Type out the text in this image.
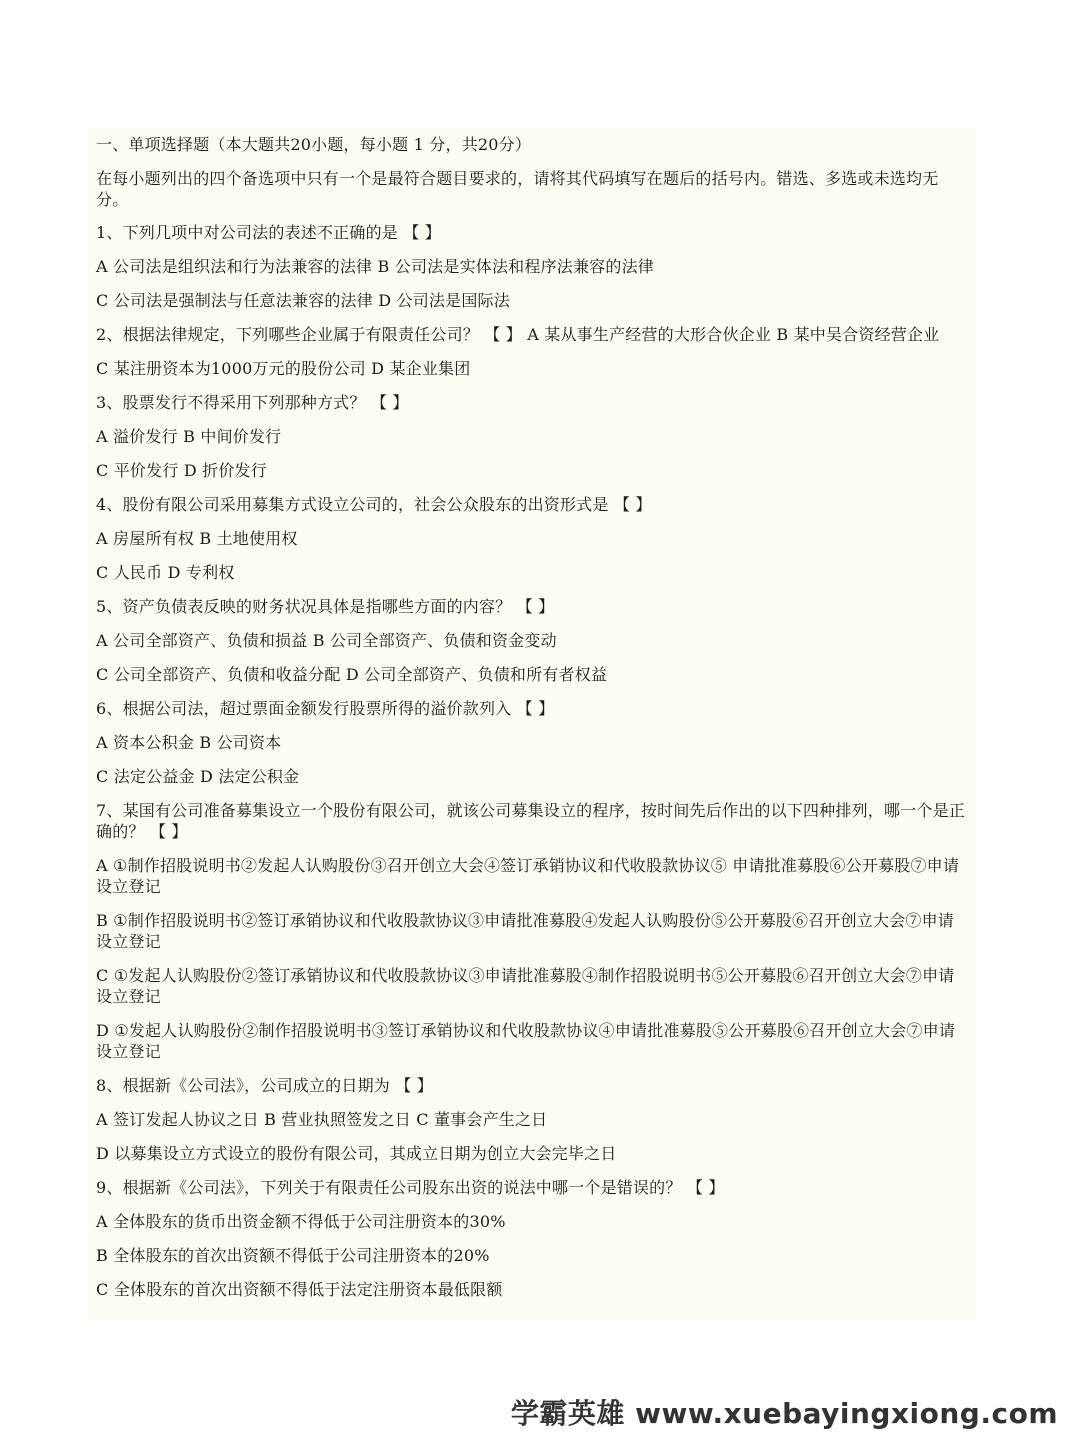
一、单项选择题（本大题共20小题，每小题 1 分，共20分）
在每小题列出的四个备选项中只有一个是最符合题目要求的，请将其代码填写在题后的括号内。错选、多选或未选均无分。
1、下列几项中对公司法的表述不正确的是 【 】
A 公司法是组织法和行为法兼容的法律 B 公司法是实体法和程序法兼容的法律
C 公司法是强制法与任意法兼容的法律 D 公司法是国际法
2、根据法律规定，下列哪些企业属于有限责任公司？ 【 】 A 某从事生产经营的大形合伙企业 B 某中吴合资经营企业
C 某注册资本为1000万元的股份公司 D 某企业集团
3、股票发行不得采用下列那种方式？ 【 】
A 溢价发行 B 中间价发行
C 平价发行 D 折价发行
4、股份有限公司采用募集方式设立公司的，社会公众股东的出资形式是 【 】
A 房屋所有权 B 土地使用权
C 人民币 D 专利权
5、资产负债表反映的财务状况具体是指哪些方面的内容？ 【 】
A 公司全部资产、负债和损益 B 公司全部资产、负债和资金变动
C 公司全部资产、负债和收益分配 D 公司全部资产、负债和所有者权益
6、根据公司法，超过票面金额发行股票所得的溢价款列入 【 】
A 资本公积金 B 公司资本
C 法定公益金 D 法定公积金
7、某国有公司准备募集设立一个股份有限公司，就该公司募集设立的程序，按时间先后作出的以下四种排列，哪一个是正确的？ 【 】
A ①制作招股说明书②发起人认购股份③召开创立大会④签订承销协议和代收股款协议⑤ 申请批准募股⑥公开募股⑦申请设立登记
B ①制作招股说明书②签订承销协议和代收股款协议③申请批准募股④发起人认购股份⑤公开募股⑥召开创立大会⑦申请设立登记
C ①发起人认购股份②签订承销协议和代收股款协议③申请批准募股④制作招股说明书⑤公开募股⑥召开创立大会⑦申请设立登记
D ①发起人认购股份②制作招股说明书③签订承销协议和代收股款协议④申请批准募股⑤公开募股⑥召开创立大会⑦申请设立登记
8、根据新《公司法》，公司成立的日期为 【 】
A 签订发起人协议之日 B 营业执照签发之日 C 董事会产生之日
D 以募集设立方式设立的股份有限公司，其成立日期为创立大会完毕之日
9、根据新《公司法》，下列关于有限责任公司股东出资的说法中哪一个是错误的？ 【 】
A 全体股东的货币出资金额不得低于公司注册资本的30%
B 全体股东的首次出资额不得低于公司注册资本的20%
C 全体股东的首次出资额不得低于法定注册资本最低限额
学霸英雄 www.xuebayingxiong.com
